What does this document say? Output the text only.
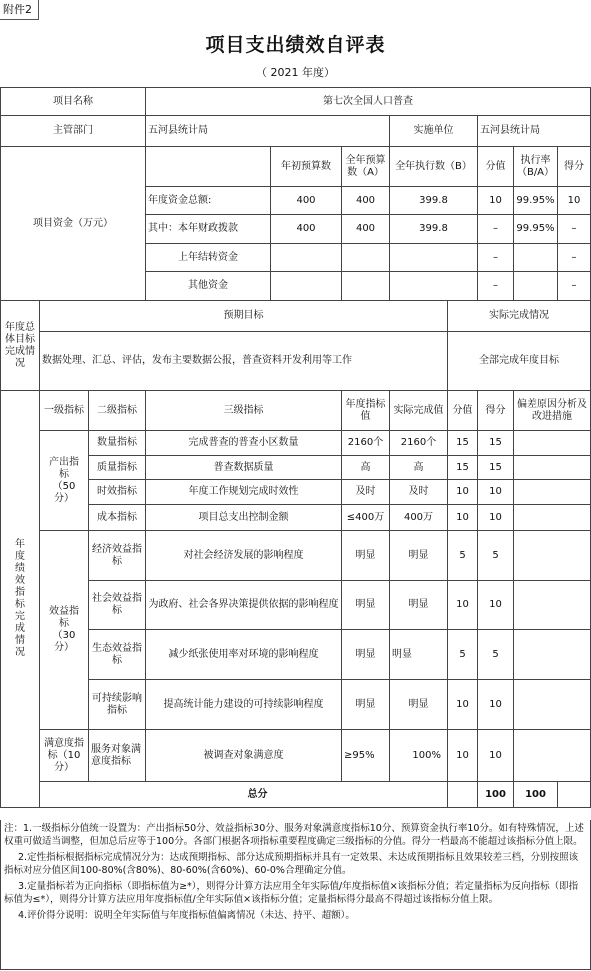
附件2
项目支出绩效自评表
（ 2021 年度）
项目名称			第七次全国人口普查							
主管部门			五河县统计局			实施单位		五河县统计局		
项目资金（万元）				年初预算数	全年预算数（A）	全年执行数（B）		分值	执行率（B/A）	得分
			年度资金总额:	400	400	399.8		10	99.95%	10
			其中：本年财政拨款	400	400	399.8		–	99.95%	–
			上年结转资金					–		–
			其他资金					–		–
年度总体目标完成情况	预期目标						实际完成情况			
	数据处理、汇总、评估，发布主要数据公报，普查资料开发利用等工作						全部完成年度目标			
年度绩效指标完成情况	一级指标	二级指标	三级指标		年度指标值	实际完成值	分值	得分	偏差原因分析及改进措施	
	产出指标（50分）	数量指标	完成普查的普查小区数量		2160个	2160个	15	15		
		质量指标	普查数据质量		高	高	15	15		
		时效指标	年度工作规划完成时效性		及时	及时	10	10		
		成本指标	项目总支出控制金额		≤400万	400万	10	10		
	效益指标（30分）	经济效益指标	对社会经济发展的影响程度		明显	明显	5	5		
		社会效益指标	为政府、社会各界决策提供依据的影响程度		明显	明显	10	10		
		生态效益指标	减少纸张使用率对环境的影响程度		明显	明显	5	5		
		可持续影响指标	提高统计能力建设的可持续影响程度		明显	明显	10	10		
	满意度指标（10分）	服务对象满意度指标	被调查对象满意度		≥95%	100%	10	10		
	总分							100	100	

注：1.一级指标分值统一设置为：产出指标50分、效益指标30分、服务对象满意度指标10分、预算资金执行率10分。如有特殊情况，上述权重可做适当调整，但加总后应等于100分。各部门根据各项指标重要程度确定三级指标的分值。得分一档最高不能超过该指标分值上限。

2.定性指标根据指标完成情况分为：达成预期指标、部分达成预期指标并具有一定效果、未达成预期指标且效果较差三档，分别按照该指标对应分值区间100-80%(含80%)、80-60%(含60%)、60-0%合理确定分值。

3.定量指标若为正向指标（即指标值为≥*），则得分计算方法应用全年实际值/年度指标值×该指标分值；若定量指标为反向指标（即指标值为≤*），则得分计算方法应用年度指标值/全年实际值×该指标分值；定量指标得分最高不得超过该指标分值上限。

4.评价得分说明：说明全年实际值与年度指标值偏离情况（未达、持平、超额）。
